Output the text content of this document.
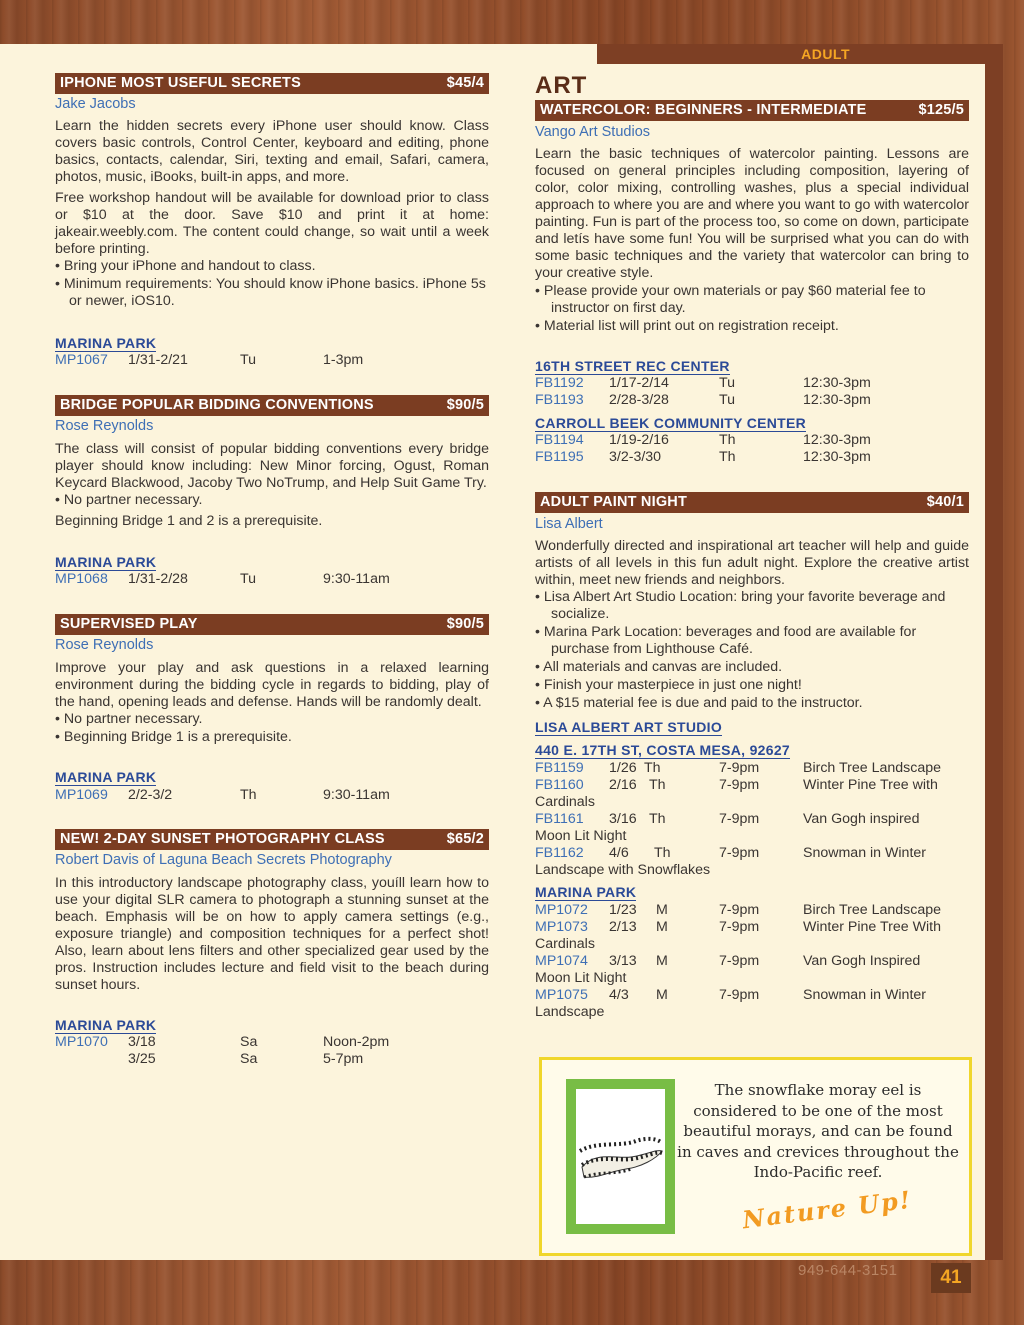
ADULT
IPHONE MOST USEFUL SECRETS	$45/4
Jake Jacobs

Learn the hidden secrets every iPhone user should know. Class covers basic controls, Control Center, keyboard and editing, phone basics, contacts, calendar, Siri, texting and email, Safari, camera, photos, music, iBooks, built-in apps, and more.

Free workshop handout will be available for download prior to class or $10 at the door. Save $10 and print it at home: jakeair.weebly.com. The content could change, so wait until a week before printing.

• Bring your iPhone and handout to class.
• Minimum requirements: You should know iPhone basics. iPhone 5s or newer, iOS10.
MARINA PARK
MP1067 1/31-2/21	Tu	1-3pm
BRIDGE POPULAR BIDDING CONVENTIONS	$90/5
Rose Reynolds

The class will consist of popular bidding conventions every bridge player should know including: New Minor forcing, Ogust, Roman Keycard Blackwood, Jacoby Two NoTrump, and Help Suit Game Try.

• No partner necessary.

Beginning Bridge 1 and 2 is a prerequisite.

MARINA PARK
MP1068 1/31-2/28	Tu	9:30-11am
SUPERVISED PLAY	$90/5
Rose Reynolds

Improve your play and ask questions in a relaxed learning environment during the bidding cycle in regards to bidding, play of the hand, opening leads and defense. Hands will be randomly dealt.

• No partner necessary.
• Beginning Bridge 1 is a prerequisite.
MARINA PARK
MP1069 2/2-3/2	Th	9:30-11am
NEW! 2-DAY SUNSET PHOTOGRAPHY CLASS	$65/2
Robert Davis of Laguna Beach Secrets Photography

In this introductory landscape photography class, youíll learn how to use your digital SLR camera to photograph a stunning sunset at the beach. Emphasis will be on how to apply camera settings (e.g., exposure triangle) and composition techniques for a perfect shot! Also, learn about lens filters and other specialized gear used by the pros. Instruction includes lecture and field visit to the beach during sunset hours.

MARINA PARK
MP1070 3/18	Sa	Noon-2pm
3/25	Sa	5-7pm
ART
WATERCOLOR: BEGINNERS - INTERMEDIATE	$125/5
Vango Art Studios

Learn the basic techniques of watercolor painting. Lessons are focused on general principles including composition, layering of color, color mixing, controlling washes, plus a special individual approach to where you are and where you want to go with watercolor painting. Fun is part of the process too, so come on down, participate and letís have some fun! You will be surprised what you can do with some basic techniques and the variety that watercolor can bring to your creative style.

• Please provide your own materials or pay $60 material fee to instructor on first day.
• Material list will print out on registration receipt.
16TH STREET REC CENTER
FB1192 1/17-2/14	Tu	12:30-3pm
FB1193 2/28-3/28	Tu	12:30-3pm
CARROLL BEEK COMMUNITY CENTER
FB1194 1/19-2/16	Th	12:30-3pm
FB1195 3/2-3/30	Th	12:30-3pm
ADULT PAINT NIGHT	$40/1
Lisa Albert

Wonderfully directed and inspirational art teacher will help and guide artists of all levels in this fun adult night. Explore the creative artist within, meet new friends and neighbors.

• Lisa Albert Art Studio Location: bring your favorite beverage and socialize.
• Marina Park Location: beverages and food are available for purchase from Lighthouse Café.
• All materials and canvas are included.
• Finish your masterpiece in just one night!
• A $15 material fee is due and paid to the instructor.
LISA ALBERT ART STUDIO
440 E. 17TH ST, COSTA MESA, 92627
FB1159 1/26 Th	7-9pm	Birch Tree Landscape
FB1160 2/16 Th	7-9pm	Winter Pine Tree with
Cardinals
FB1161 3/16 Th	7-9pm	Van Gogh inspired
Moon Lit Night
FB1162 4/6 Th	7-9pm	Snowman in Winter
Landscape with Snowflakes
MARINA PARK
MP1072 1/23 M	7-9pm	Birch Tree Landscape
MP1073 2/13 M	7-9pm	Winter Pine Tree With
Cardinals
MP1074 3/13 M	7-9pm	Van Gogh Inspired
Moon Lit Night
MP1075 4/3 M	7-9pm	Snowman in Winter
Landscape
The snowflake moray eel is considered to be one of the most beautiful morays, and can be found in caves and crevices throughout the Indo-Pacific reef.
Nature Up!
949-644-3151	41
